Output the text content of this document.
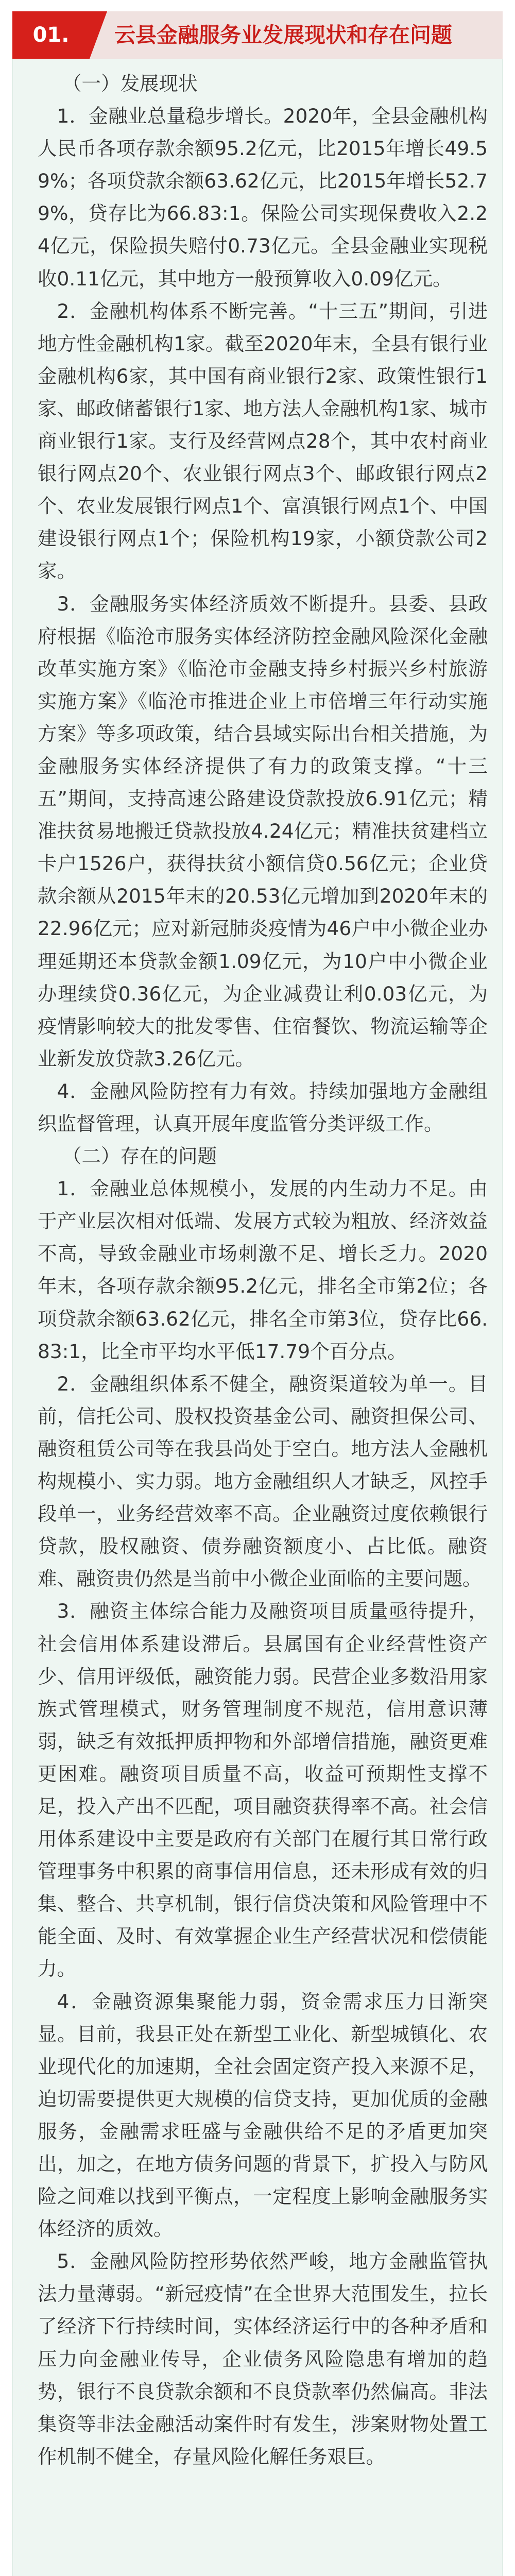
01.	云县金融服务业发展现状和存在问题
（一）发展现状

1．金融业总量稳步增长。2020年，全县金融机构人民币各项存款余额95.2亿元，比2015年增长49.59%；各项贷款余额63.62亿元，比2015年增长52.79%，贷存比为66.83:1。保险公司实现保费收入2.24亿元，保险损失赔付0.73亿元。全县金融业实现税收0.11亿元，其中地方一般预算收入0.09亿元。

2．金融机构体系不断完善。“十三五”期间，引进地方性金融机构1家。截至2020年末，全县有银行业金融机构6家，其中国有商业银行2家、政策性银行1家、邮政储蓄银行1家、地方法人金融机构1家、城市商业银行1家。支行及经营网点28个，其中农村商业银行网点20个、农业银行网点3个、邮政银行网点2个、农业发展银行网点1个、富滇银行网点1个、中国建设银行网点1个；保险机构19家，小额贷款公司2家。

3．金融服务实体经济质效不断提升。县委、县政府根据《临沧市服务实体经济防控金融风险深化金融改革实施方案》《临沧市金融支持乡村振兴乡村旅游实施方案》《临沧市推进企业上市倍增三年行动实施方案》等多项政策，结合县域实际出台相关措施，为金融服务实体经济提供了有力的政策支撑。“十三五”期间，支持高速公路建设贷款投放6.91亿元；精准扶贫易地搬迁贷款投放4.24亿元；精准扶贫建档立卡户1526户，获得扶贫小额信贷0.56亿元；企业贷款余额从2015年末的20.53亿元增加到2020年末的22.96亿元；应对新冠肺炎疫情为46户中小微企业办理延期还本贷款金额1.09亿元，为10户中小微企业办理续贷0.36亿元，为企业减费让利0.03亿元，为疫情影响较大的批发零售、住宿餐饮、物流运输等企业新发放贷款3.26亿元。

4．金融风险防控有力有效。持续加强地方金融组织监督管理，认真开展年度监管分类评级工作。

（二）存在的问题

1．金融业总体规模小，发展的内生动力不足。由于产业层次相对低端、发展方式较为粗放、经济效益不高，导致金融业市场刺激不足、增长乏力。2020年末，各项存款余额95.2亿元，排名全市第2位；各项贷款余额63.62亿元，排名全市第3位，贷存比66.83:1，比全市平均水平低17.79个百分点。

2．金融组织体系不健全，融资渠道较为单一。目前，信托公司、股权投资基金公司、融资担保公司、融资租赁公司等在我县尚处于空白。地方法人金融机构规模小、实力弱。地方金融组织人才缺乏，风控手段单一，业务经营效率不高。企业融资过度依赖银行贷款，股权融资、债券融资额度小、占比低。融资难、融资贵仍然是当前中小微企业面临的主要问题。

3．融资主体综合能力及融资项目质量亟待提升，社会信用体系建设滞后。县属国有企业经营性资产少、信用评级低，融资能力弱。民营企业多数沿用家族式管理模式，财务管理制度不规范，信用意识薄弱，缺乏有效抵押质押物和外部增信措施，融资更难更困难。融资项目质量不高，收益可预期性支撑不足，投入产出不匹配，项目融资获得率不高。社会信用体系建设中主要是政府有关部门在履行其日常行政管理事务中积累的商事信用信息，还未形成有效的归集、整合、共享机制，银行信贷决策和风险管理中不能全面、及时、有效掌握企业生产经营状况和偿债能力。

4．金融资源集聚能力弱，资金需求压力日渐突显。目前，我县正处在新型工业化、新型城镇化、农业现代化的加速期，全社会固定资产投入来源不足，迫切需要提供更大规模的信贷支持，更加优质的金融服务，金融需求旺盛与金融供给不足的矛盾更加突出，加之，在地方债务问题的背景下，扩投入与防风险之间难以找到平衡点，一定程度上影响金融服务实体经济的质效。

5．金融风险防控形势依然严峻，地方金融监管执法力量薄弱。“新冠疫情”在全世界大范围发生，拉长了经济下行持续时间，实体经济运行中的各种矛盾和压力向金融业传导，企业债务风险隐患有增加的趋势，银行不良贷款余额和不良贷款率仍然偏高。非法集资等非法金融活动案件时有发生，涉案财物处置工作机制不健全，存量风险化解任务艰巨。
